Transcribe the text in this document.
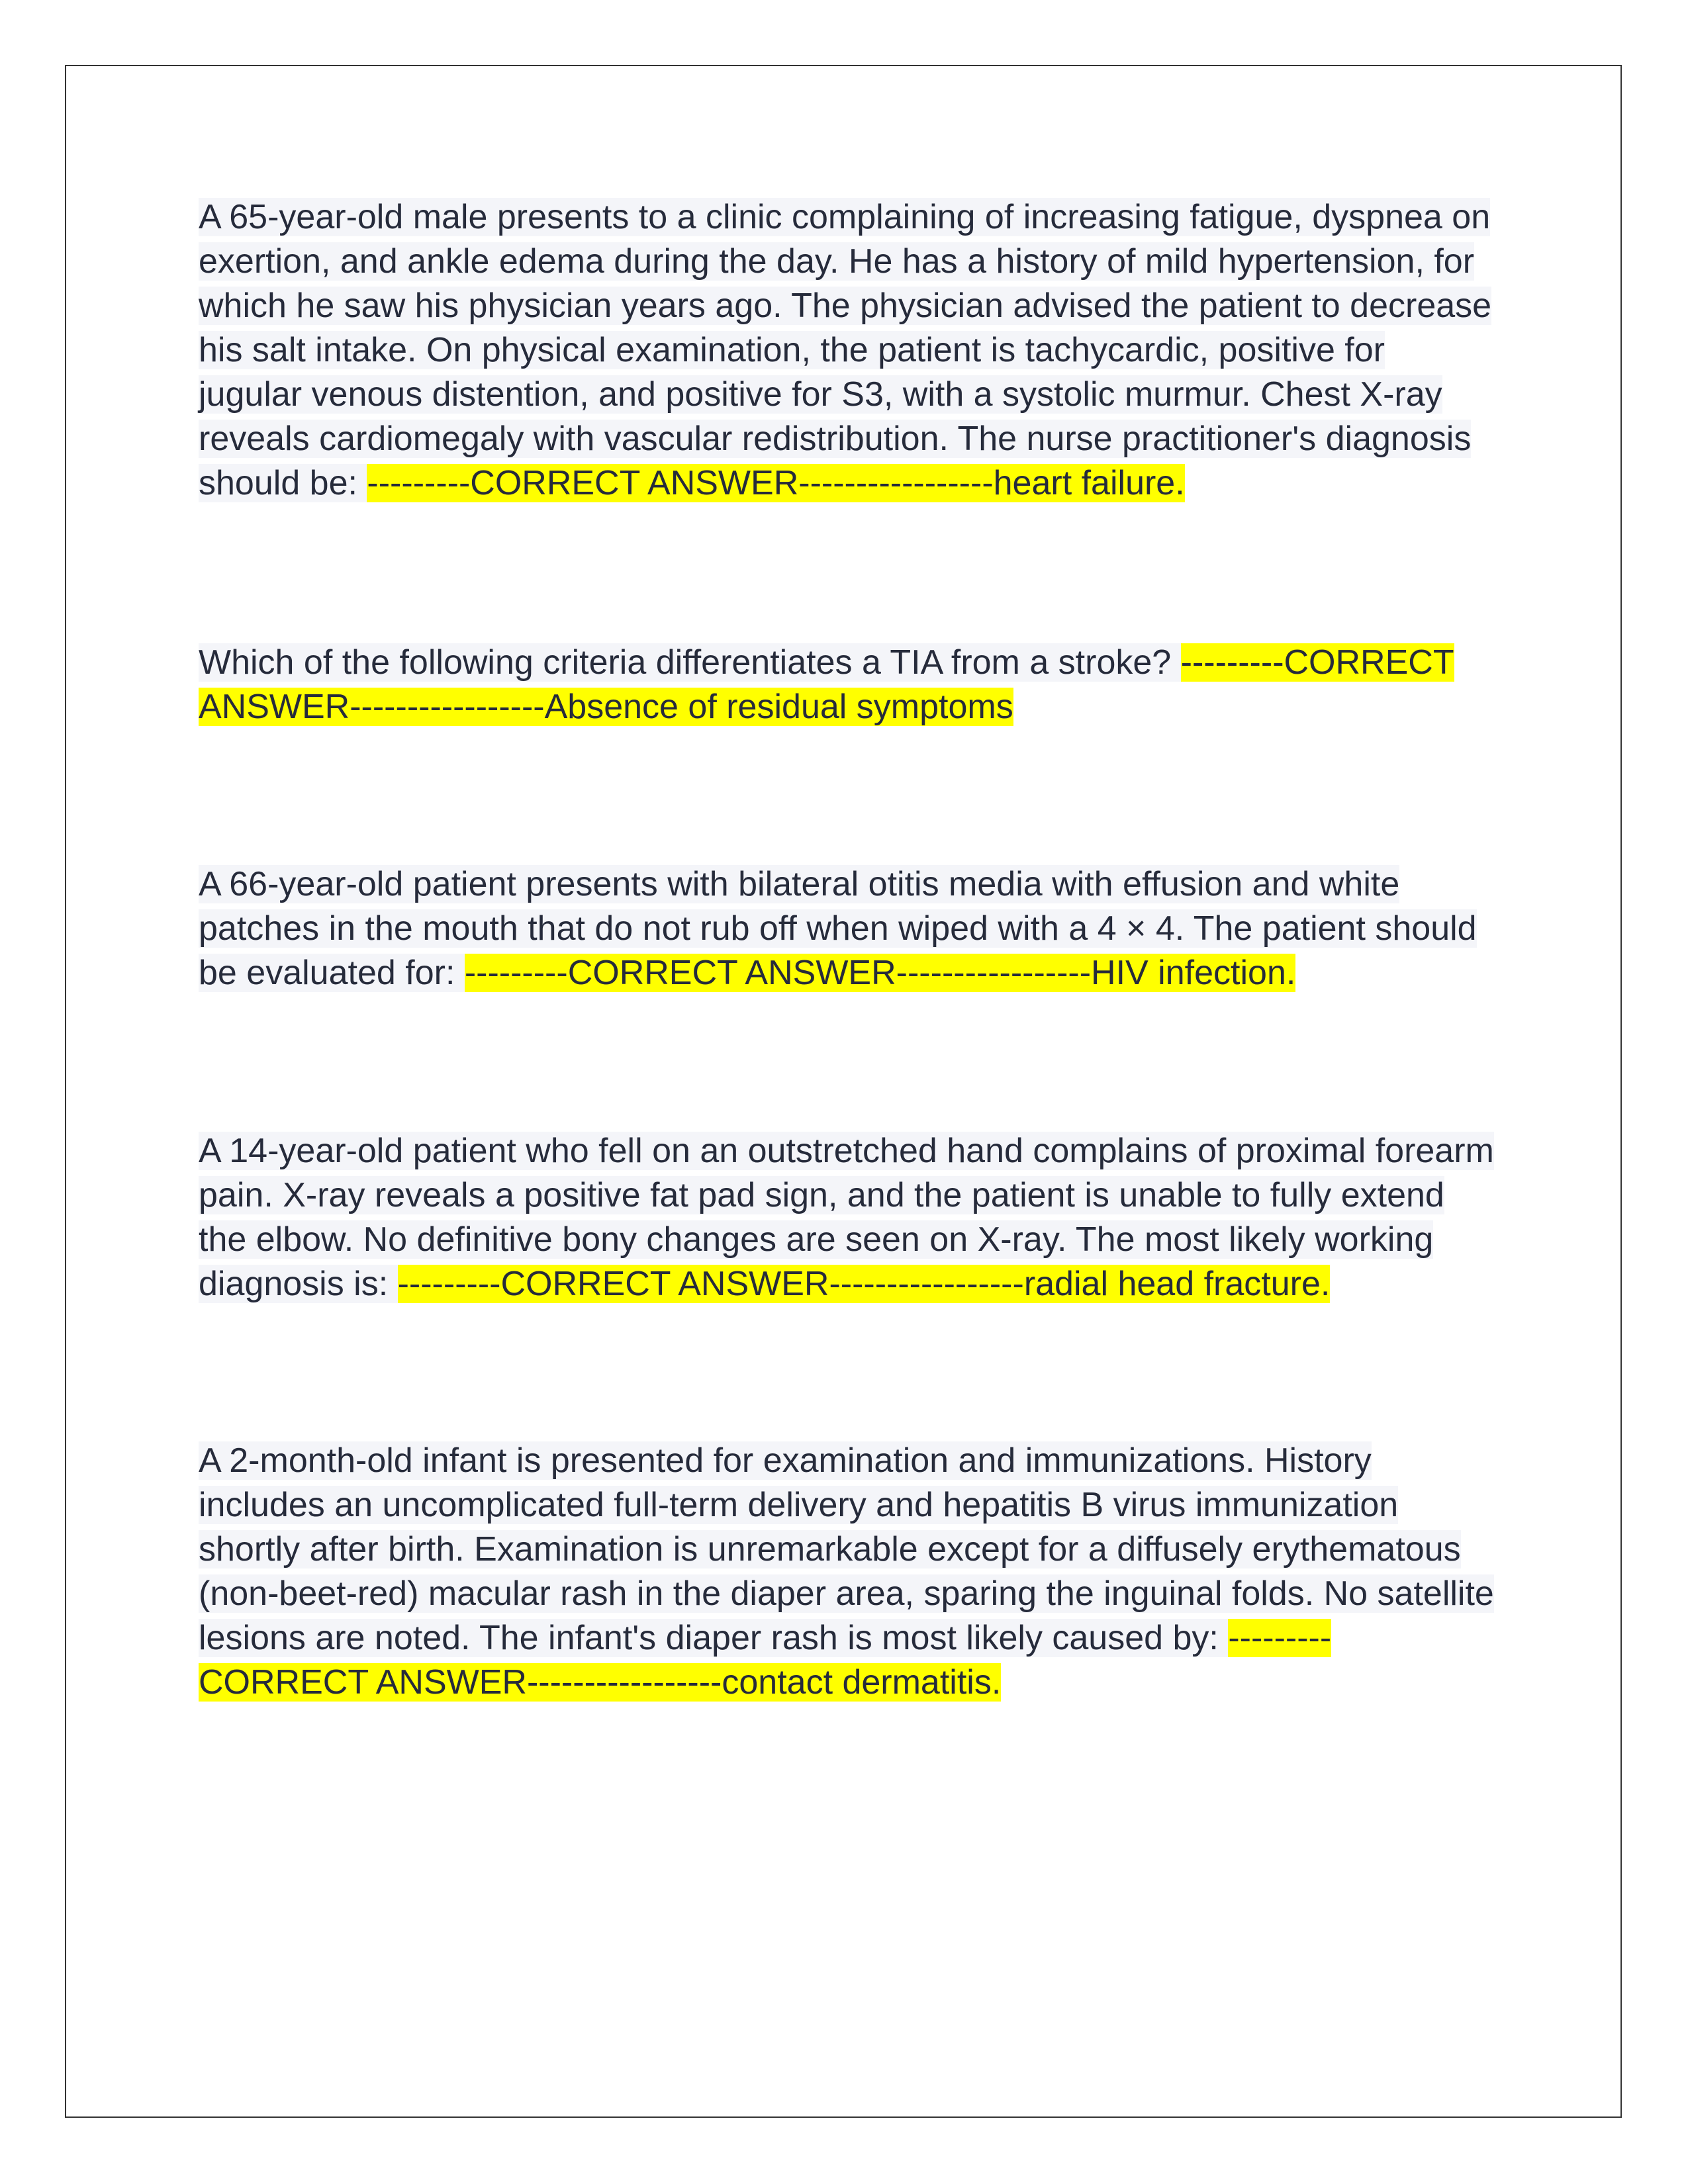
A 65-year-old male presents to a clinic complaining of increasing fatigue, dyspnea on exertion, and ankle edema during the day. He has a history of mild hypertension, for which he saw his physician years ago. The physician advised the patient to decrease his salt intake. On physical examination, the patient is tachycardic, positive for jugular venous distention, and positive for S3, with a systolic murmur. Chest X-ray reveals cardiomegaly with vascular redistribution. The nurse practitioner's diagnosis should be: ---------CORRECT ANSWER-----------------heart failure.

Which of the following criteria differentiates a TIA from a stroke? ---------CORRECT ANSWER-----------------Absence of residual symptoms

A 66-year-old patient presents with bilateral otitis media with effusion and white patches in the mouth that do not rub off when wiped with a 4 × 4. The patient should be evaluated for: ---------CORRECT ANSWER-----------------HIV infection.

A 14-year-old patient who fell on an outstretched hand complains of proximal forearm pain. X-ray reveals a positive fat pad sign, and the patient is unable to fully extend the elbow. No definitive bony changes are seen on X-ray. The most likely working diagnosis is: ---------CORRECT ANSWER-----------------radial head fracture.

A 2-month-old infant is presented for examination and immunizations. History includes an uncomplicated full-term delivery and hepatitis B virus immunization shortly after birth. Examination is unremarkable except for a diffusely erythematous (non-beet-red) macular rash in the diaper area, sparing the inguinal folds. No satellite lesions are noted. The infant's diaper rash is most likely caused by: ---------CORRECT ANSWER-----------------contact dermatitis.
